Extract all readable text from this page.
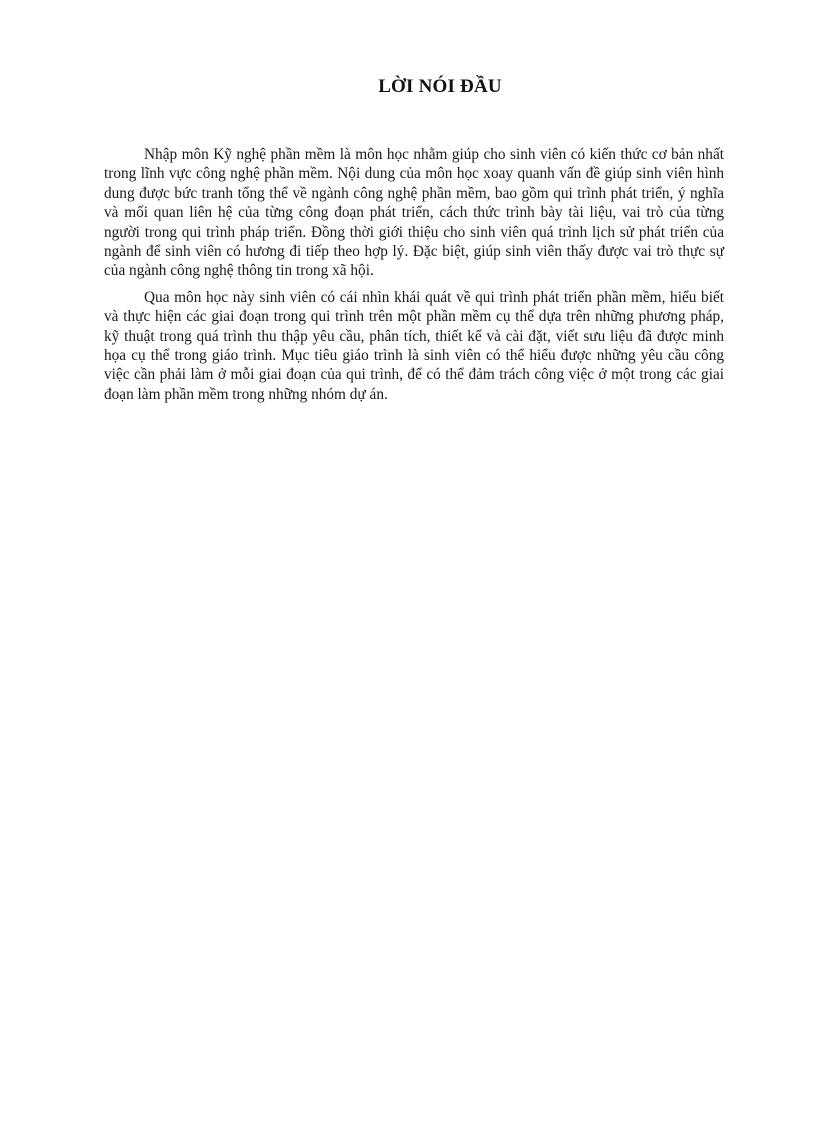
LỜI NÓI ĐẦU

Nhập môn Kỹ nghệ phần mềm là môn học nhằm giúp cho sinh viên có kiến thức cơ bản nhất trong lĩnh vực công nghệ phần mềm. Nội dung của môn học xoay quanh vấn đề giúp sinh viên hình dung được bức tranh tổng thể về ngành công nghệ phần mềm, bao gồm qui trình phát triển, ý nghĩa và mối quan liên hệ của từng công đoạn phát triển, cách thức trình bày tài liệu, vai trò của từng người trong qui trình pháp triển. Đồng thời giới thiệu cho sinh viên quá trình lịch sử phát triển của ngành để sinh viên có hương đi tiếp theo hợp lý. Đặc biệt, giúp sinh viên thấy được vai trò thực sự của ngành công nghệ thông tin trong xã hội.

Qua môn học này sinh viên có cái nhìn khái quát về qui trình phát triển phần mềm, hiểu biết và thực hiện các giai đoạn trong qui trình trên một phần mềm cụ thể dựa trên những phương pháp, kỹ thuật trong quá trình thu thập yêu cầu, phân tích, thiết kế và cài đặt, viết sưu liệu đã được minh họa cụ thể trong giáo trình. Mục tiêu giáo trình là sinh viên có thể hiểu được những yêu cầu công việc cần phải làm ở mỗi giai đoạn của qui trình, để có thể đảm trách công việc ở một trong các giai đoạn làm phần mềm trong những nhóm dự án.
